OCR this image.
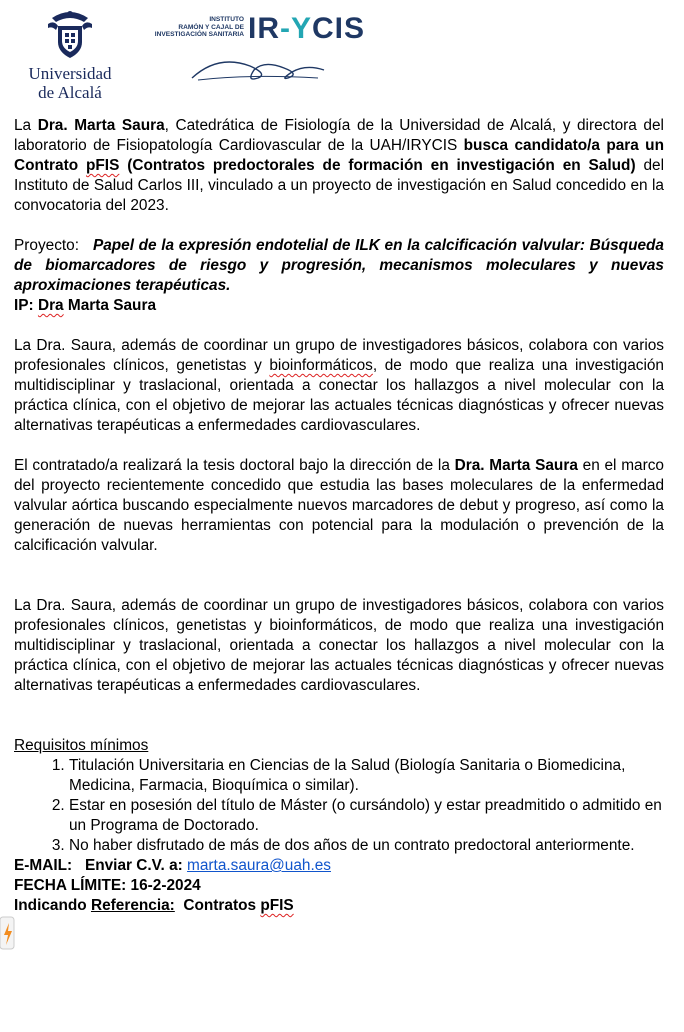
Universidad
de Alcalá
INSTITUTO
RAMÓN Y CAJAL DE
INVESTIGACIÓN SANITARIA IR-YCIS

La Dra. Marta Saura, Catedrática de Fisiología de la Universidad de Alcalá, y directora del laboratorio de Fisiopatología Cardiovascular de la UAH/IRYCIS busca candidato/a para un Contrato pFIS (Contratos predoctorales de formación en investigación en Salud) del Instituto de Salud Carlos III, vinculado a un proyecto de investigación en Salud concedido en la convocatoria del 2023.

Proyecto:   Papel de la expresión endotelial de ILK en la calcificación valvular: Búsqueda de biomarcadores de riesgo y progresión, mecanismos moleculares y nuevas aproximaciones terapéuticas.

IP: Dra Marta Saura

La Dra. Saura, además de coordinar un grupo de investigadores básicos, colabora con varios profesionales clínicos, genetistas y bioinformáticos, de modo que realiza una investigación multidisciplinar y traslacional, orientada a conectar los hallazgos a nivel molecular con la práctica clínica, con el objetivo de mejorar las actuales técnicas diagnósticas y ofrecer nuevas alternativas terapéuticas a enfermedades cardiovasculares.

El contratado/a realizará la tesis doctoral bajo la dirección de la Dra. Marta Saura en el marco del proyecto recientemente concedido que estudia las bases moleculares de la enfermedad valvular aórtica buscando especialmente nuevos marcadores de debut y progreso, así como la generación de nuevas herramientas con potencial para la modulación o prevención de la calcificación valvular.

La Dra. Saura, además de coordinar un grupo de investigadores básicos, colabora con varios profesionales clínicos, genetistas y bioinformáticos, de modo que realiza una investigación multidisciplinar y traslacional, orientada a conectar los hallazgos a nivel molecular con la práctica clínica, con el objetivo de mejorar las actuales técnicas diagnósticas y ofrecer nuevas alternativas terapéuticas a enfermedades cardiovasculares.

Requisitos mínimos
1. Titulación Universitaria en Ciencias de la Salud (Biología Sanitaria o Biomedicina, Medicina, Farmacia, Bioquímica o similar).
2. Estar en posesión del título de Máster (o cursándolo) y estar preadmitido o admitido en un Programa de Doctorado.
3. No haber disfrutado de más de dos años de un contrato predoctoral anteriormente.
E-MAIL:   Enviar C.V. a: marta.saura@uah.es
FECHA LÍMITE: 16-2-2024
Indicando Referencia:  Contratos pFIS
